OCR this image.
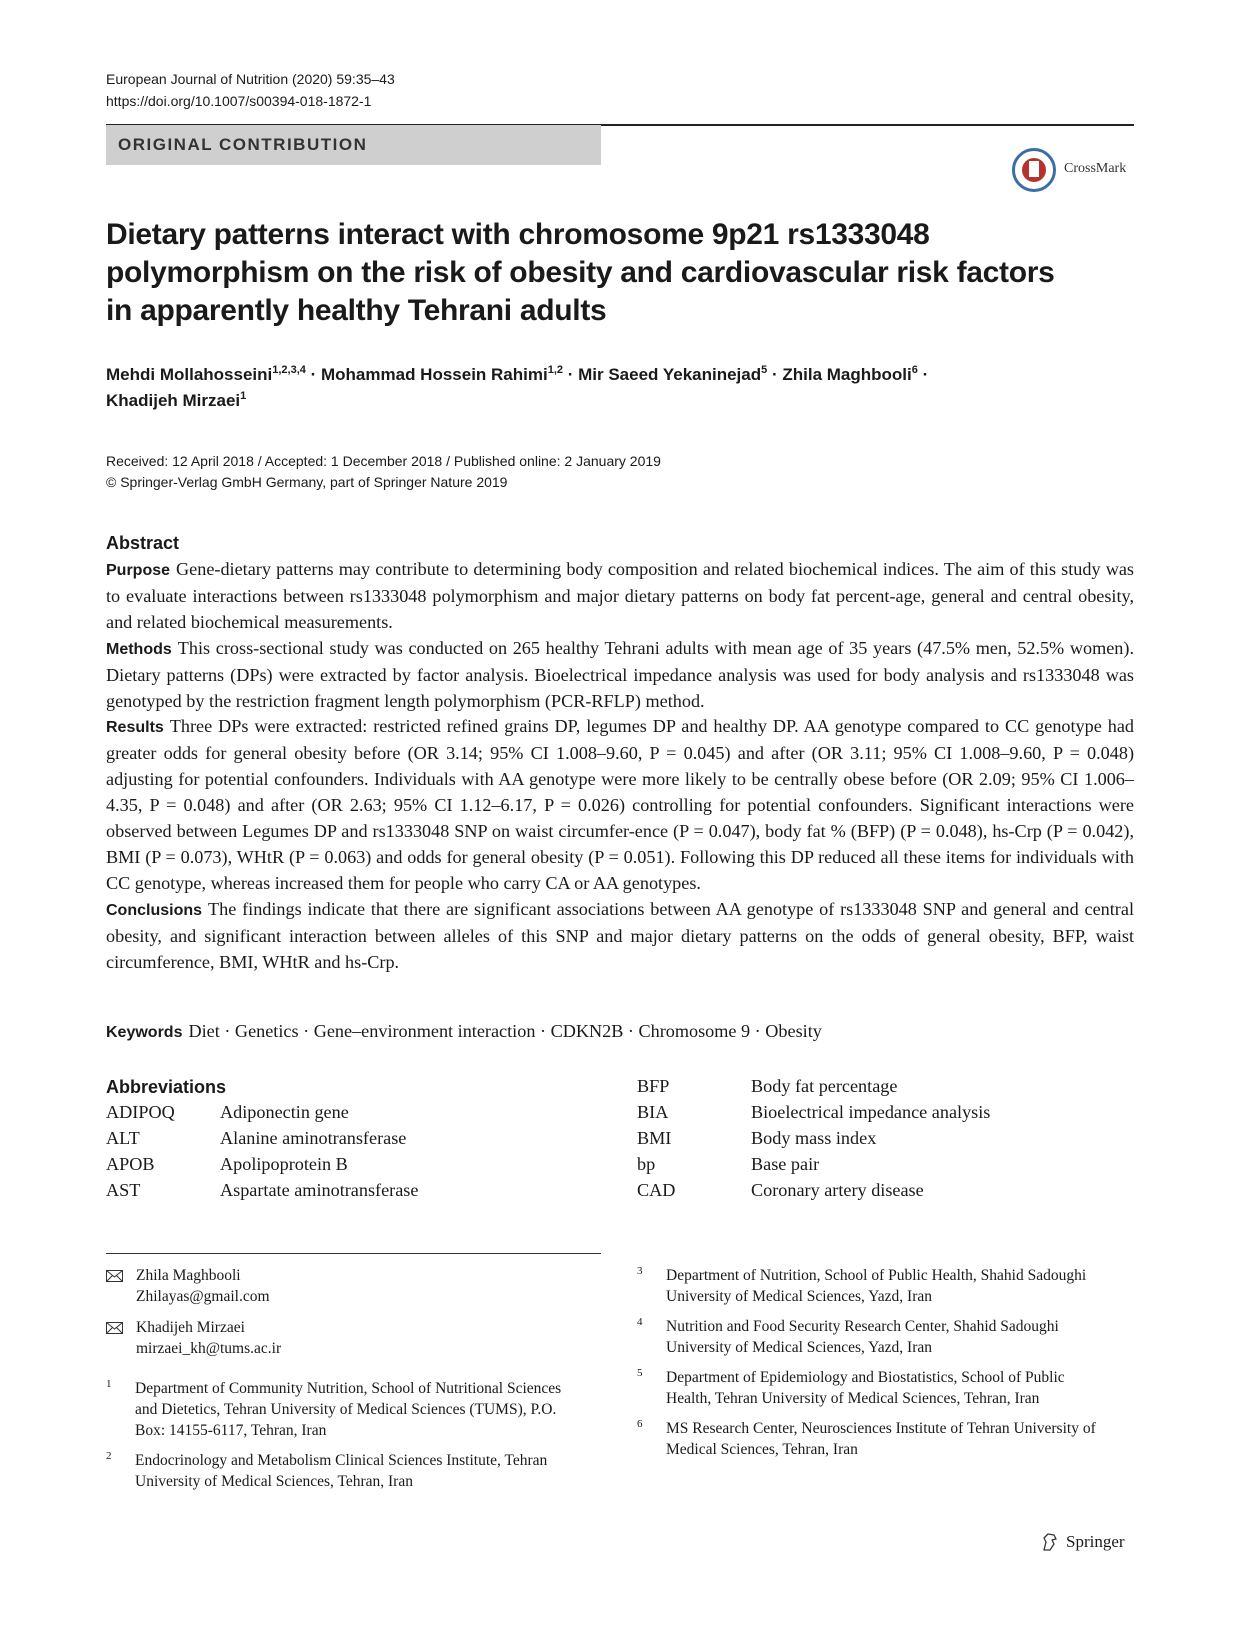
European Journal of Nutrition (2020) 59:35–43
https://doi.org/10.1007/s00394-018-1872-1
ORIGINAL CONTRIBUTION
CrossMark
Dietary patterns interact with chromosome 9p21 rs1333048
polymorphism on the risk of obesity and cardiovascular risk factors
in apparently healthy Tehrani adults
Mehdi Mollahosseini$^{1,2,3,4}$ · Mohammad Hossein Rahimi$^{1,2}$ · Mir Saeed Yekaninejad$^5$ · Zhila Maghbooli$^6$ ·
Khadijeh Mirzaei$^1$
Received: 12 April 2018 / Accepted: 1 December 2018 / Published online: 2 January 2019
© Springer-Verlag GmbH Germany, part of Springer Nature 2019
Abstract

Purpose Gene-dietary patterns may contribute to determining body composition and related biochemical indices. The aim of this study was to evaluate interactions between rs1333048 polymorphism and major dietary patterns on body fat percent-age, general and central obesity, and related biochemical measurements.

Methods This cross-sectional study was conducted on 265 healthy Tehrani adults with mean age of 35 years (47.5% men, 52.5% women). Dietary patterns (DPs) were extracted by factor analysis. Bioelectrical impedance analysis was used for body analysis and rs1333048 was genotyped by the restriction fragment length polymorphism (PCR-RFLP) method.

Results Three DPs were extracted: restricted refined grains DP, legumes DP and healthy DP. AA genotype compared to CC genotype had greater odds for general obesity before (OR 3.14; 95% CI 1.008–9.60, P = 0.045) and after (OR 3.11; 95% CI 1.008–9.60, P = 0.048) adjusting for potential confounders. Individuals with AA genotype were more likely to be centrally obese before (OR 2.09; 95% CI 1.006–4.35, P = 0.048) and after (OR 2.63; 95% CI 1.12–6.17, P = 0.026) controlling for potential confounders. Significant interactions were observed between Legumes DP and rs1333048 SNP on waist circumfer-ence (P = 0.047), body fat % (BFP) (P = 0.048), hs-Crp (P = 0.042), BMI (P = 0.073), WHtR (P = 0.063) and odds for general obesity (P = 0.051). Following this DP reduced all these items for individuals with CC genotype, whereas increased them for people who carry CA or AA genotypes.

Conclusions The findings indicate that there are significant associations between AA genotype of rs1333048 SNP and general and central obesity, and significant interaction between alleles of this SNP and major dietary patterns on the odds of general obesity, BFP, waist circumference, BMI, WHtR and hs-Crp.

Keywords Diet · Genetics · Gene–environment interaction · CDKN2B · Chromosome 9 · Obesity
Abbreviations
ADIPOQ Adiponectin gene
ALT	Alanine aminotransferase
APOB	Apolipoprotein B
AST	Aspartate aminotransferase
BFP	Body fat percentage
BIA	Bioelectrical impedance analysis
BMI	Body mass index
bp	Base pair
CAD	Coronary artery disease
Zhila Maghbooli
Zhilayas@gmail.com
Khadijeh Mirzaei
mirzaei_kh@tums.ac.ir
1 Department of Community Nutrition, School of Nutritional Sciences and Dietetics, Tehran University of Medical Sciences (TUMS), P.O. Box: 14155-6117, Tehran, Iran
2 Endocrinology and Metabolism Clinical Sciences Institute, Tehran University of Medical Sciences, Tehran, Iran
3 Department of Nutrition, School of Public Health, Shahid Sadoughi University of Medical Sciences, Yazd, Iran
4 Nutrition and Food Security Research Center, Shahid Sadoughi University of Medical Sciences, Yazd, Iran
5 Department of Epidemiology and Biostatistics, School of Public Health, Tehran University of Medical Sciences, Tehran, Iran
6 MS Research Center, Neurosciences Institute of Tehran University of Medical Sciences, Tehran, Iran
Springer
